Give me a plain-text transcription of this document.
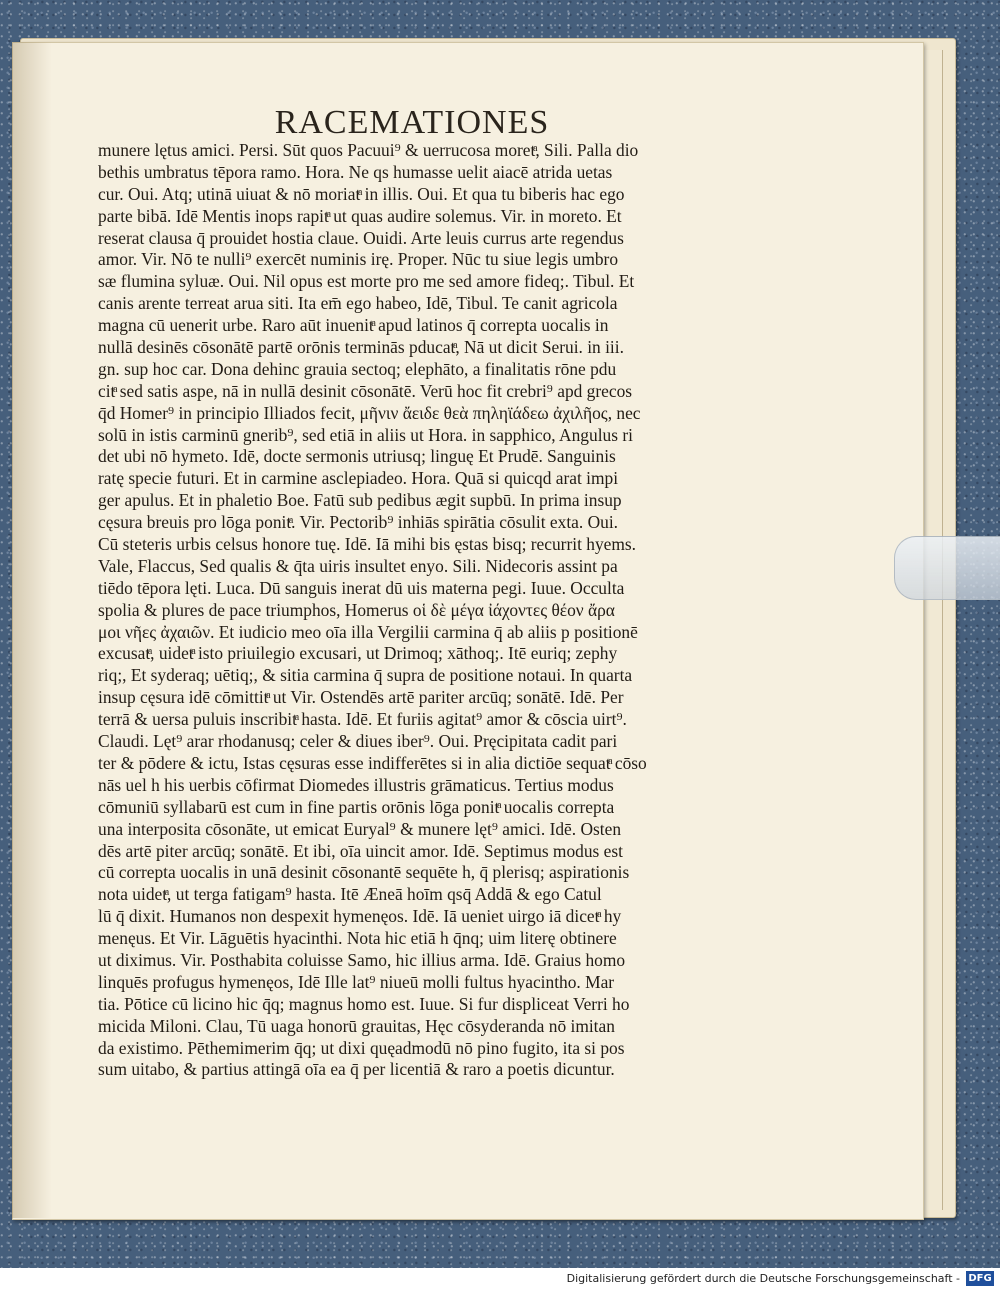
RACEMATIONES
munere lętus amici. Persi. Sūt quos Pacuui⁹ & uerrucosa moretͣ, Sili. Palla dio
bethis umbratus tēpora ramo. Hora. Ne qs humasse uelit aiacē atrida uetas
cur. Oui. Atq; utinā uiuat & nō moriatͣ in illis. Oui. Et qua tu biberis hac ego
parte bibā. Idē Mentis inops rapitͣ ut quas audire solemus. Vir. in moreto. Et
reserat clausa q̄ prouidet hostia claue. Ouidi. Arte leuis currus arte regendus
amor. Vir. Nō te nulli⁹ exercēt numinis irę. Proper. Nūc tu siue legis umbro
sæ flumina syluæ. Oui. Nil opus est morte pro me sed amore fideq;. Tibul. Et
canis arente terreat arua siti. Ita em̄ ego habeo, Idē, Tibul. Te canit agricola
magna cū uenerit urbe. Raro aūt inuenitͣ apud latinos q̄ correpta uocalis in
nullā desinēs cōsonātē partē orōnis terminās pducatͣ, Nā ut dicit Serui. in iii.
gn. sup hoc car. Dona dehinc grauia sectoq; elephāto, a finalitatis rōne pdu
citͣ sed satis aspe, nā in nullā desinit cōsonātē. Verū hoc fit crebri⁹ apd grecos
q̄d Homer⁹ in principio Illiados fecit, μῆνιν ἄειδε θεὰ πηληϊάδεω ἀχιλῆος, nec
solū in istis carminū gnerib⁹, sed etiā in aliis ut Hora. in sapphico, Angulus ri
det ubi nō hymeto. Idē, docte sermonis utriusq; linguę Et Prudē. Sanguinis
ratę specie futuri. Et in carmine asclepiadeo. Hora. Quā si quicqd arat impi
ger apulus. Et in phaletio Boe. Fatū sub pedibus ægit supbū. In prima insup
cęsura breuis pro lōga ponitͣ. Vir. Pectorib⁹ inhiās spirātia cōsulit exta. Oui.
Cū steteris urbis celsus honore tuę. Idē. Iā mihi bis ęstas bisq; recurrit hyems.
Vale, Flaccus, Sed qualis & q̄ta uiris insultet enyo. Sili. Nidecoris assint pa
tiēdo tēpora lęti. Luca. Dū sanguis inerat dū uis materna pegi. Iuue. Occulta
spolia & plures de pace triumphos, Homerus οἱ δὲ μέγα ἰάχοντες θέον ἄρα
μοι νῆες ἀχαιῶν. Et iudicio meo oīa illa Vergilii carmina q̄ ab aliis p positionē
excusatͣ, uidetͣ isto priuilegio excusari, ut Drimoq; xāthoq;. Itē euriq; zephy
riq;, Et syderaq; uētiq;, & sitia carmina q̄ supra de positione notaui. In quarta
insup cęsura idē cōmittitͣ ut Vir. Ostendēs artē pariter arcūq; sonātē. Idē. Per
terrā & uersa puluis inscribitͣ hasta. Idē. Et furiis agitat⁹ amor & cōscia uirt⁹.
Claudi. Lęt⁹ arar rhodanusq; celer & diues iber⁹. Oui. Pręcipitata cadit pari
ter & pōdere & ictu, Istas cęsuras esse indifferētes si in alia dictiōe sequatͣ cōso
nās uel h his uerbis cōfirmat Diomedes illustris grāmaticus. Tertius modus
cōmuniū syllabarū est cum in fine partis orōnis lōga ponitͣ uocalis correpta
una interposita cōsonāte, ut emicat Euryal⁹ & munere lęt⁹ amici. Idē. Osten
dēs artē piter arcūq; sonātē. Et ibi, oīa uincit amor. Idē. Septimus modus est
cū correpta uocalis in unā desinit cōsonantē sequēte h, q̄ plerisq; aspirationis
nota uidetͣ, ut terga fatigam⁹ hasta. Itē Æneā hoīm qsq̄ Addā & ego Catul
lū q̄ dixit. Humanos non despexit hymenęos. Idē. Iā ueniet uirgo iā dicetͣ hy
menęus. Et Vir. Lāguētis hyacinthi. Nota hic etiā h q̄nq; uim literę obtinere
ut diximus. Vir. Posthabita coluisse Samo, hic illius arma. Idē. Graius homo
linquēs profugus hymenęos, Idē Ille lat⁹ niueū molli fultus hyacintho. Mar
tia. Pōtice cū licino hic q̄q; magnus homo est. Iuue. Si fur displiceat Verri ho
micida Miloni. Clau, Tū uaga honorū grauitas, Hęc cōsyderanda nō imitan
da existimo. Pēthemimerim q̄q; ut dixi quęadmodū nō pino fugito, ita si pos
sum uitabo, & partius attingā oīa ea q̄ per licentiā & raro a poetis dicuntur.
Digitalisierung gefördert durch die Deutsche Forschungsgemeinschaft - DFG
